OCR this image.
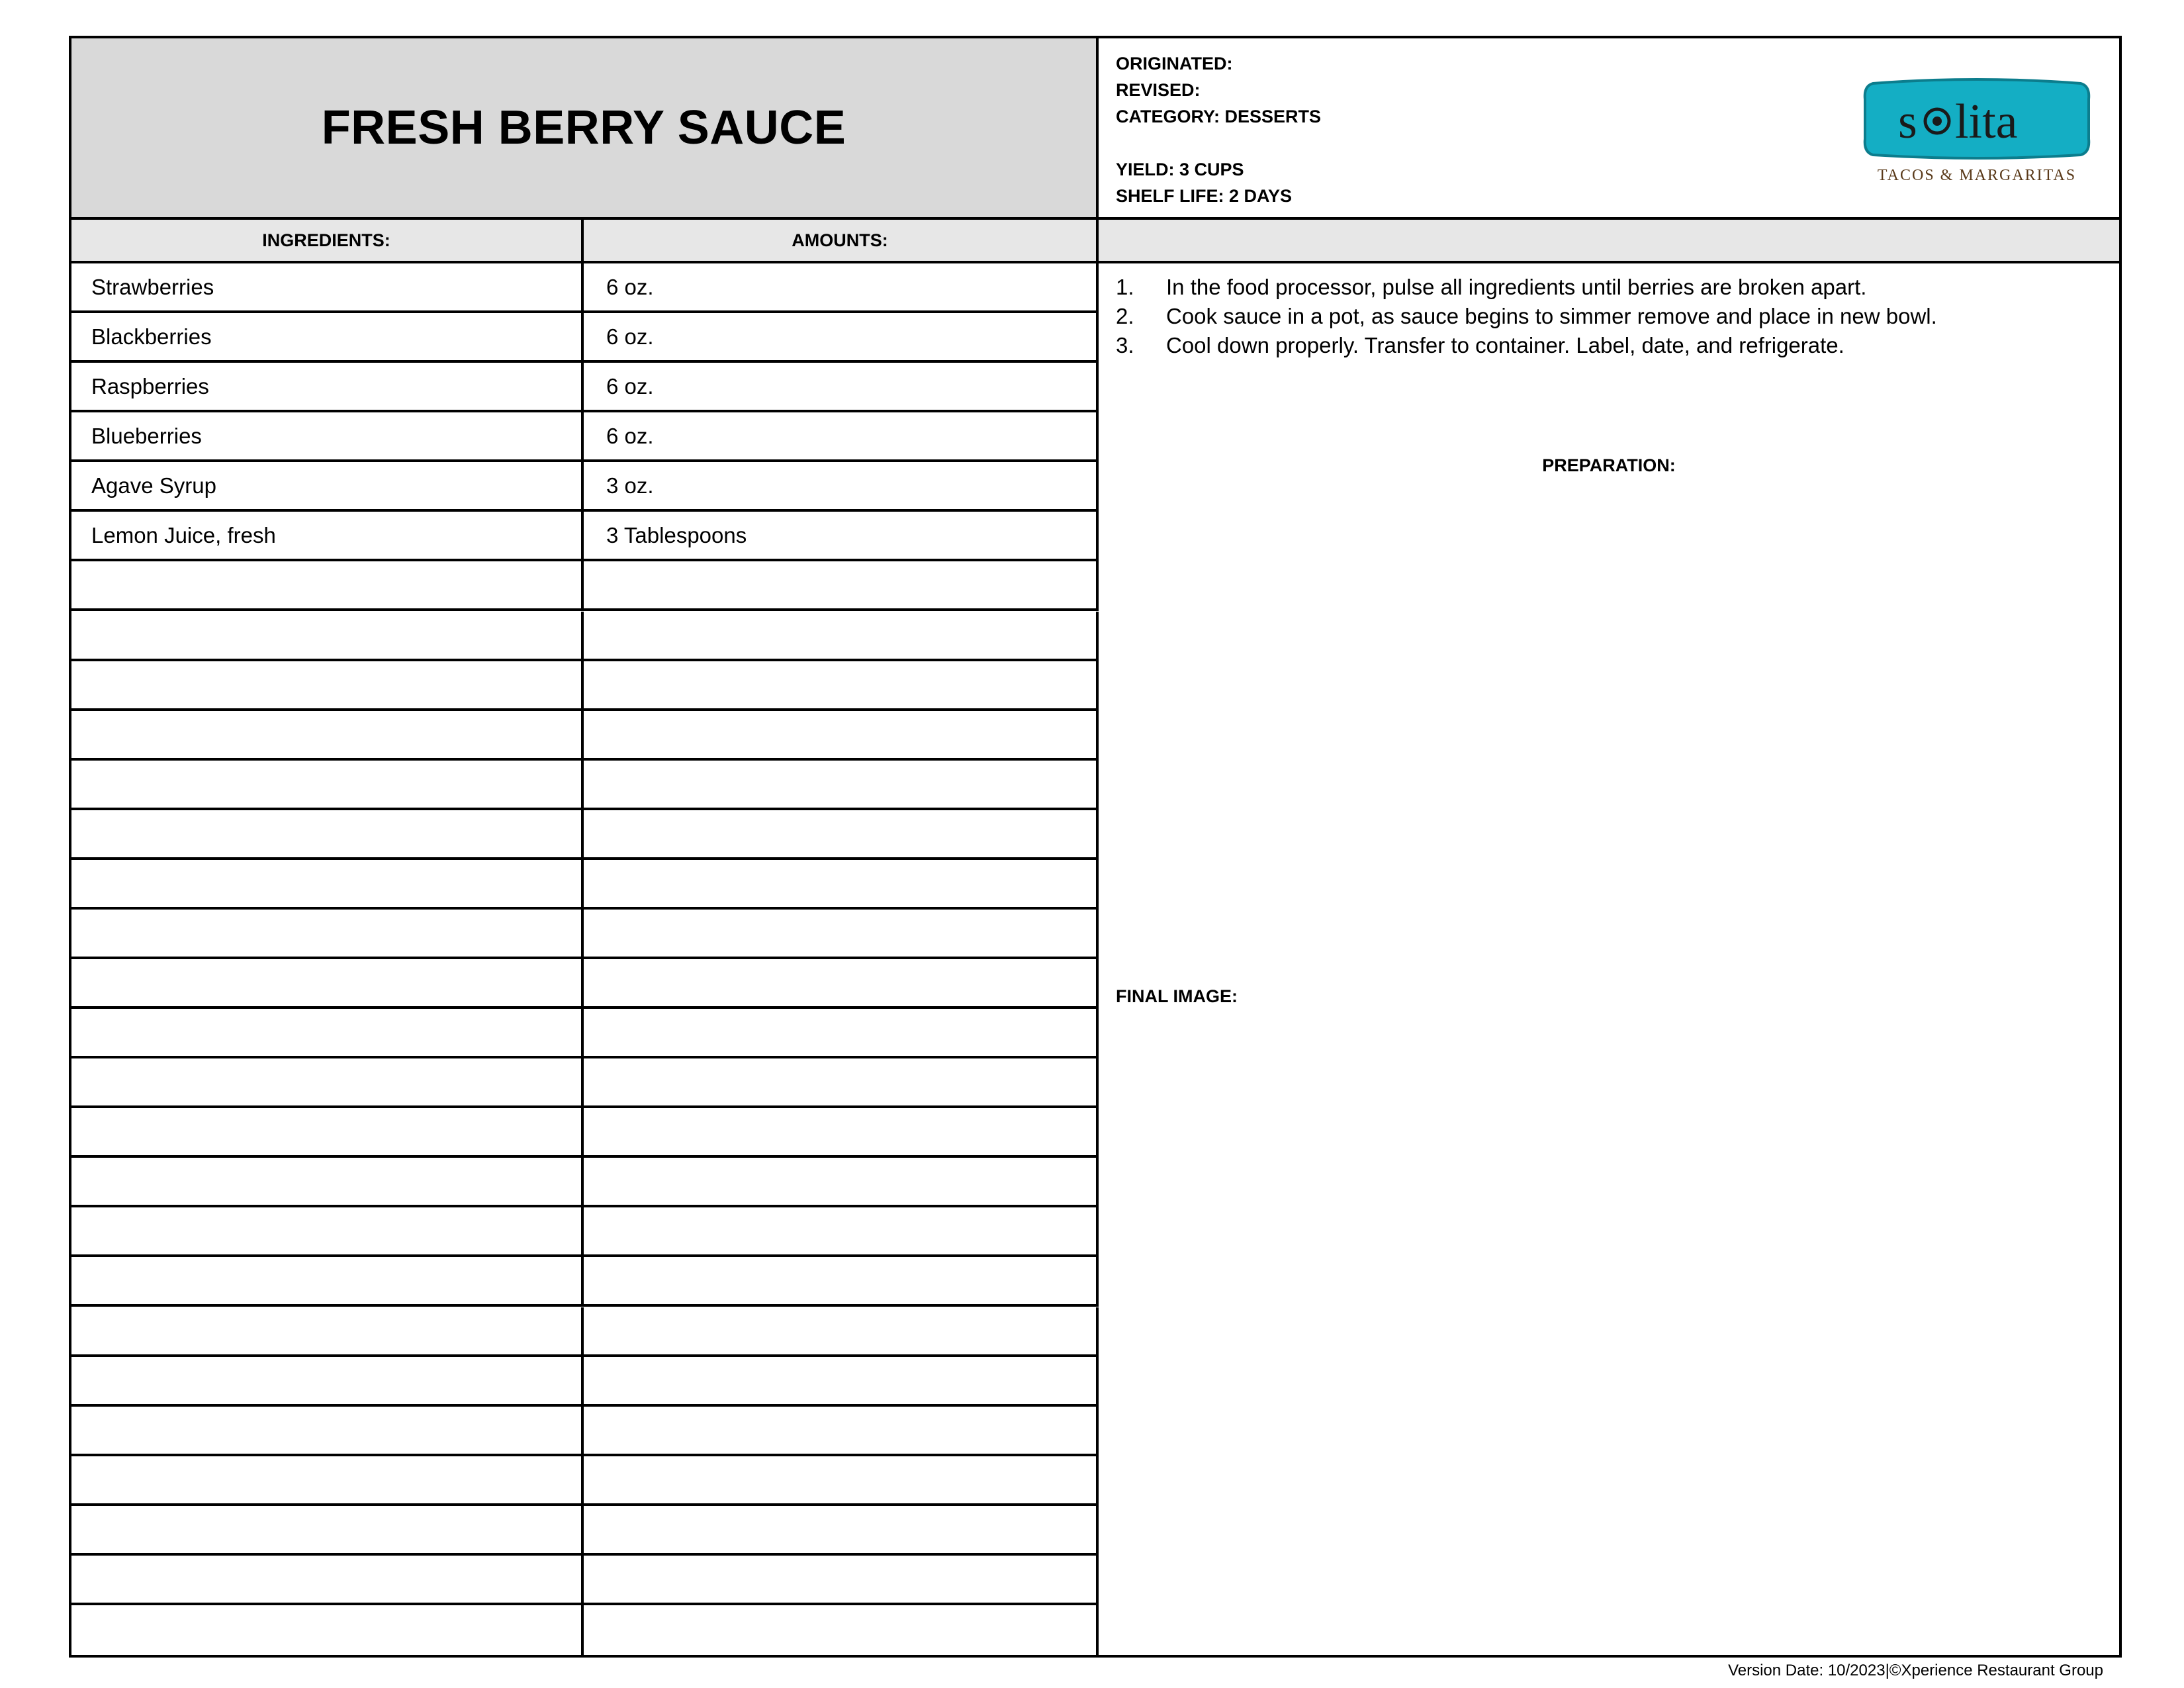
FRESH BERRY SAUCE
ORIGINATED:
REVISED:
CATEGORY: DESSERTS
YIELD: 3 CUPS
SHELF LIFE: 2 DAYS
s lita
TACOS & MARGARITAS
INGREDIENTS:	AMOUNTS:
PREPARATION:
Strawberries	6 oz.
Blackberries	6 oz.
Raspberries	6 oz.
Blueberries	6 oz.
Agave Syrup	3 oz.
Lemon Juice, fresh	3 Tablespoons
1.	In the food processor, pulse all ingredients until berries are broken apart.
2.	Cook sauce in a pot, as sauce begins to simmer remove and place in new bowl.
3.	Cool down properly. Transfer to container. Label, date, and refrigerate.
FINAL IMAGE:
Version Date: 10/2023|©Xperience Restaurant Group
